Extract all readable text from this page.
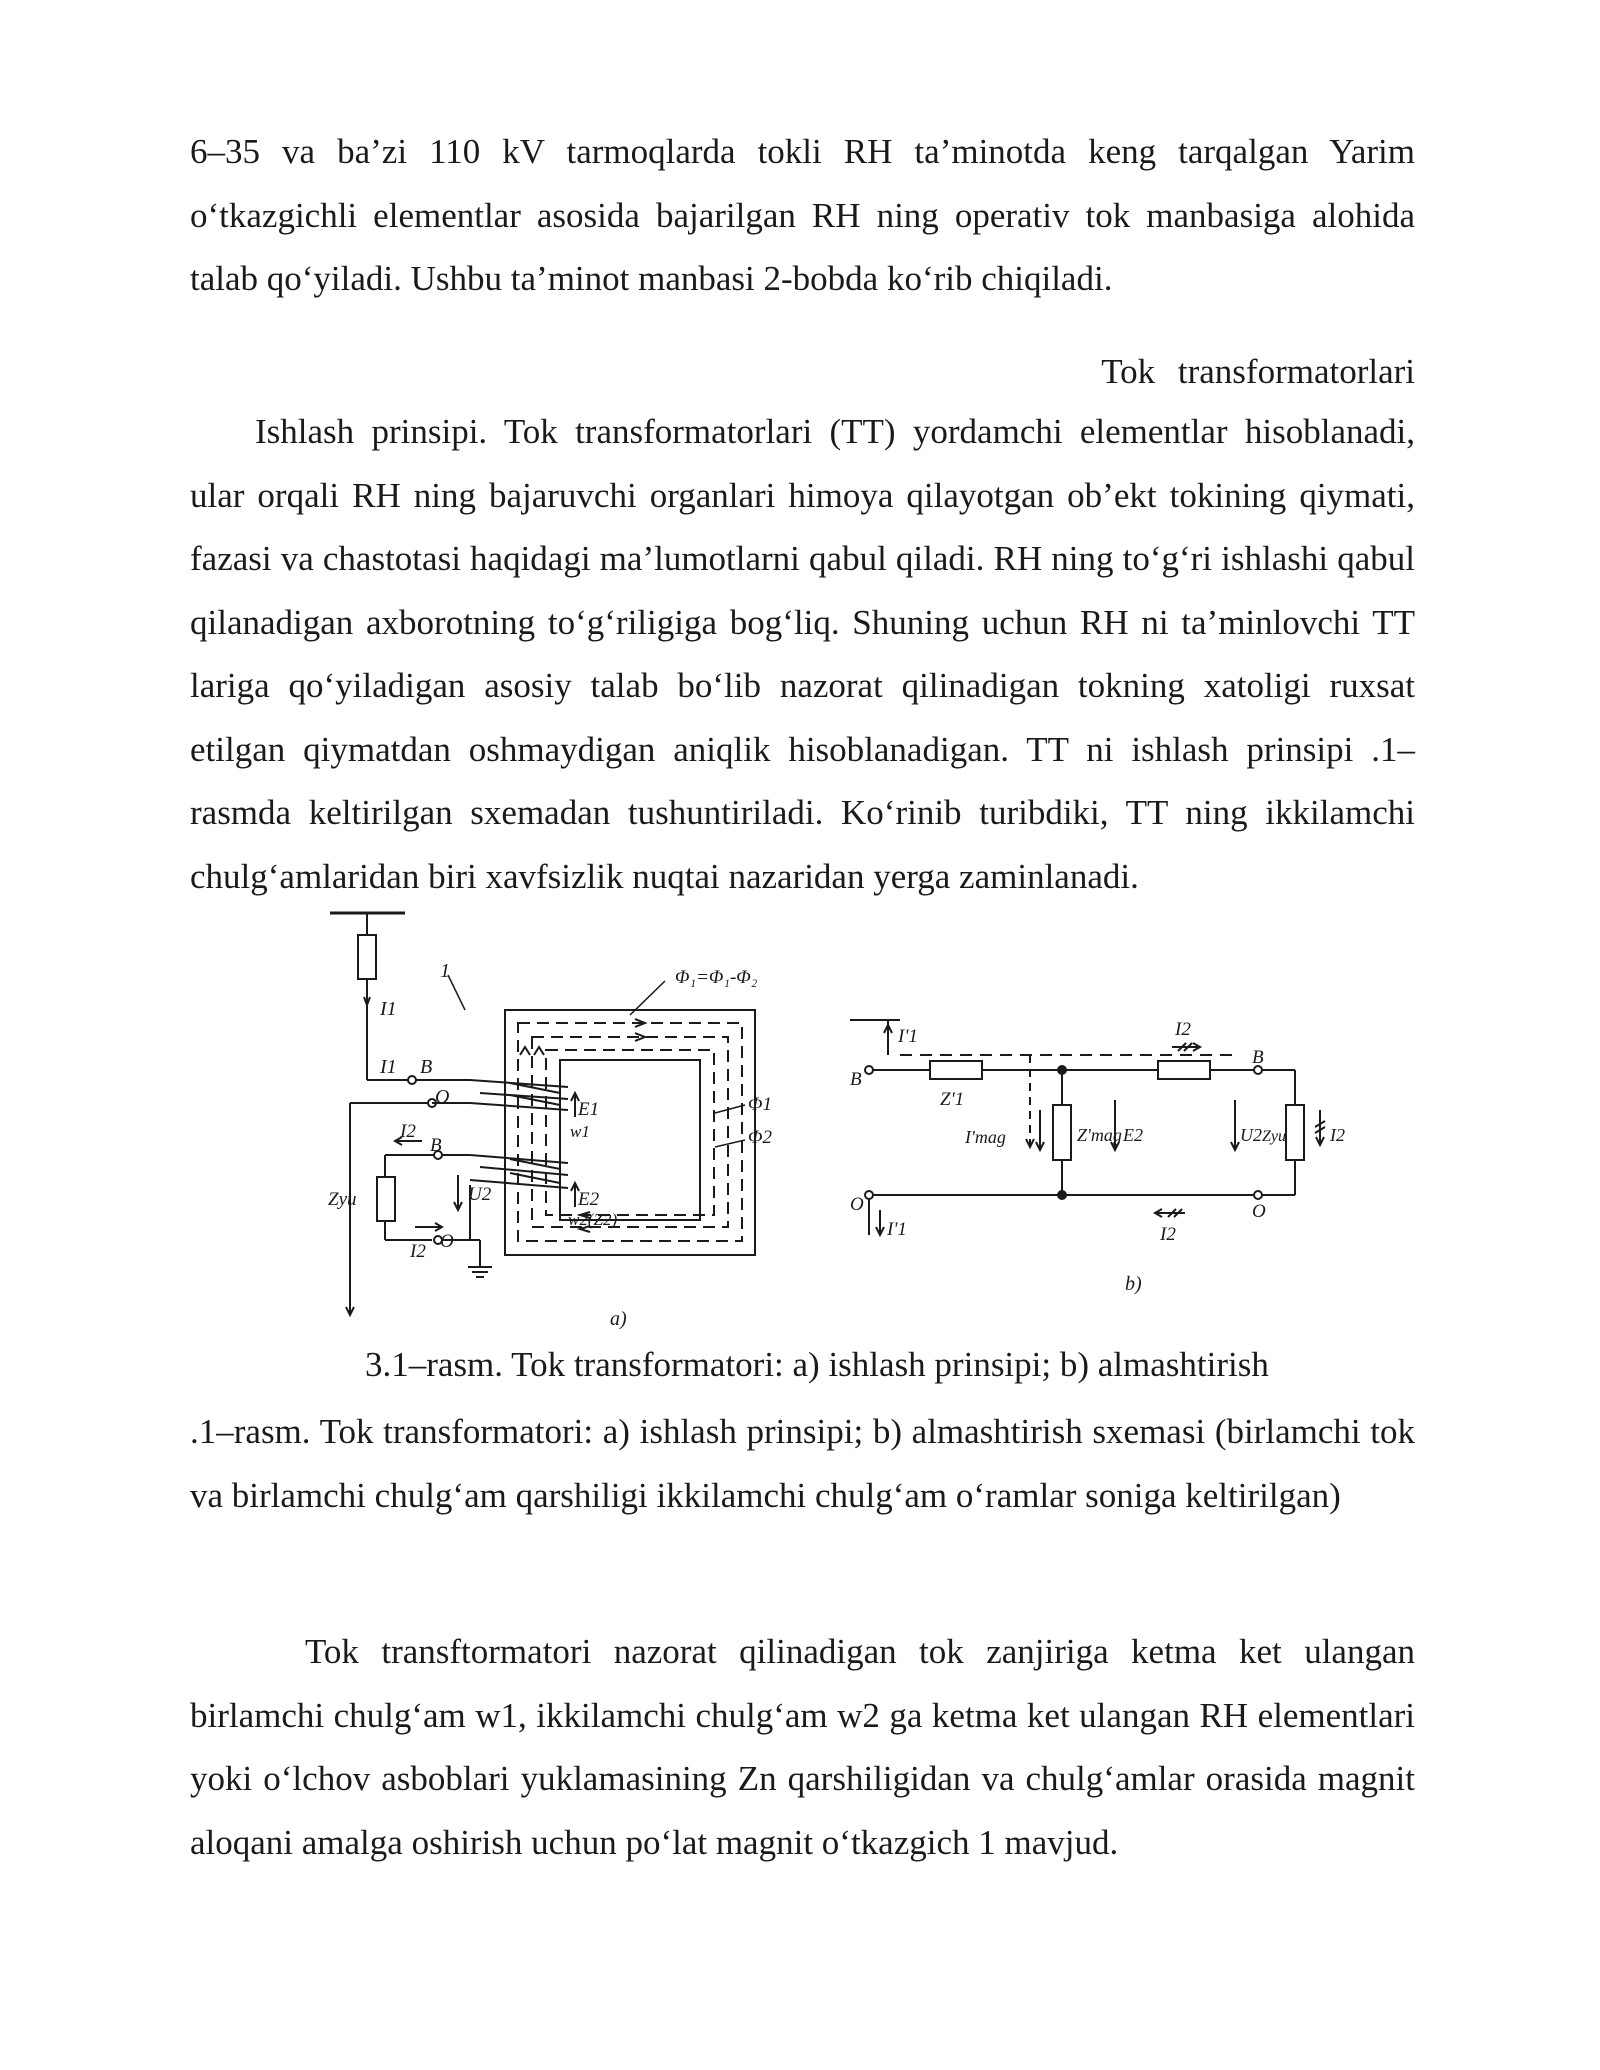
6–35 va ba’zi 110 kV tarmoqlarda tokli RH ta’minotda keng tarqalgan Yarim o‘tkazgichli elementlar asosida bajarilgan RH ning operativ tok manbasiga alohida talab qo‘yiladi. Ushbu ta’minot manbasi 2-bobda ko‘rib chiqiladi.

Tok transformatorlari

Ishlash prinsipi. Tok transformatorlari (TT) yordamchi elementlar hisoblanadi, ular orqali RH ning bajaruvchi organlari himoya qilayotgan ob’ekt tokining qiymati, fazasi va chastotasi haqidagi ma’lumotlarni qabul qiladi. RH ning to‘g‘ri ishlashi qabul qilanadigan axborotning to‘g‘riligiga bog‘liq. Shuning uchun RH ni ta’minlovchi TT lariga qo‘yiladigan asosiy talab bo‘lib nazorat qilinadigan tokning xatoligi ruxsat etilgan qiymatdan oshmaydigan aniqlik hisoblanadigan. TT ni ishlash prinsipi .1–rasmda keltirilgan sxemadan tushuntiriladi. Ko‘rinib turibdiki, TT ning ikkilamchi chulg‘amlaridan biri xavfsizlik nuqtai nazaridan yerga zaminlanadi.

I1
I1 B
O
E1
w1
I2
B
U2	E2
w2(Z2)
Zyu
I2 O
1	Φ₁=Φ₁-Φ₂
Φ1
Φ2
a)
I'1	I2
B
B
Z'1
I'mag	Z'mag E2	U2 Zyu I2
O	O
I'1	I2
b)
3.1–rasm. Tok transformatori: a) ishlash prinsipi; b) almashtirish

.1–rasm. Tok transformatori: a) ishlash prinsipi; b) almashtirish sxemasi (birlamchi tok va birlamchi chulg‘am qarshiligi ikkilamchi chulg‘am o‘ramlar soniga keltirilgan)

Tok transftormatori nazorat qilinadigan tok zanjiriga ketma ket ulangan birlamchi chulg‘am w1, ikkilamchi chulg‘am w2 ga ketma ket ulangan RH elementlari yoki o‘lchov asboblari yuklamasining Zn qarshiligidan va chulg‘amlar orasida magnit aloqani amalga oshirish uchun po‘lat magnit o‘tkazgich 1 mavjud.
